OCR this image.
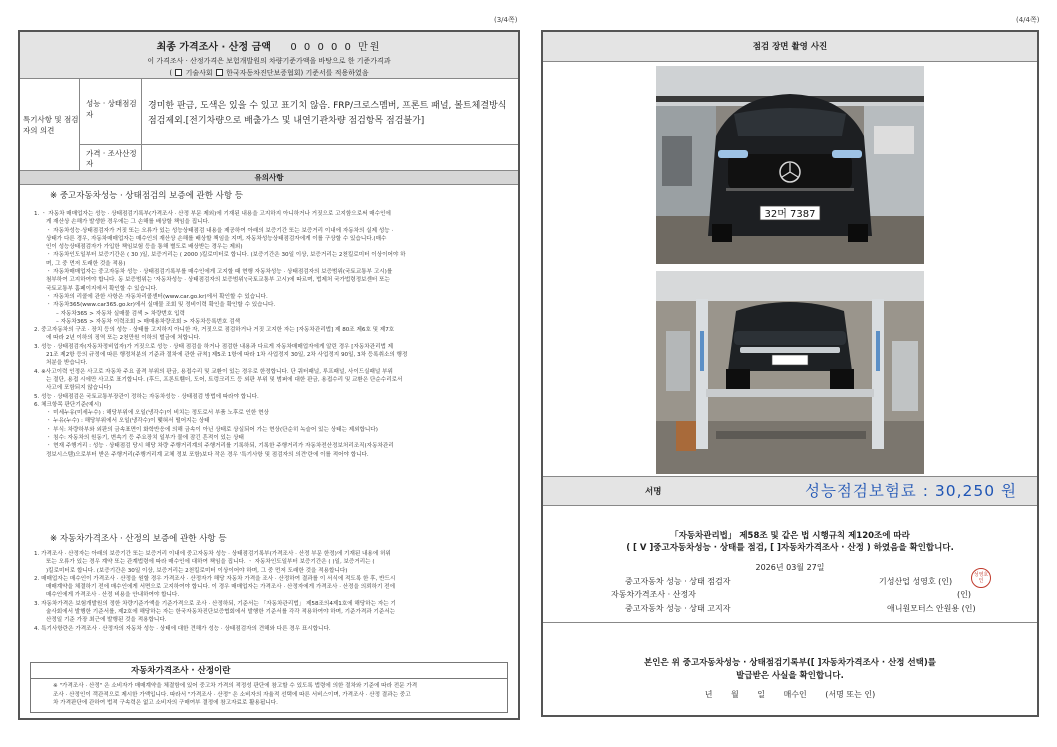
(3/4쪽)	(4/4쪽)
최종 가격조사 · 산정 금액 0 0 0 0 0 만원
이 가격조사 · 산정가격은 보험개발원의 차량기준가액을 바탕으로 한 기준가격과
( 기술사회 한국자동차진단보증협회) 기준서를 적용하였음
특기사항 및 점검자의 의견
성능 · 상태점검자
경미한 판금, 도색은 있을 수 있고 표기치 않음. FRP/크로스멤버, 프론트 패널, 볼트체결방식 점검제외.[전기차량으로 배출가스 및 내연기관차량 점검항목 점검불가]
가격 · 조사산정자
유의사항
※ 중고자동차성능 · 상태점검의 보증에 관한 사항 등

1. ㆍ 자동차 매매업자는 성능 · 상태점검기록부(가격조사 · 산정 부문 제외)에 기재된 내용을 고지하지 아니하거나 거짓으로 고지함으로써 매수인에

게 재산상 손해가 발생한 경우에는 그 손해를 배상할 책임을 집니다.

ㆍ 자동차성능·상태점검자가 거짓 또는 오류가 있는 성능상태점검 내용을 제공하여 아래의 보증기간 또는 보증거리 이내에 자동차의 실제 성능 ·

상태가 다른 경우, 자동차매매업자는 매수인의 재산상 손해를 배상할 책임을 지며, 자동차성능상태점검자에게 이를 구상할 수 있습니다.(매수

인이 성능상태점검자가 가입한 책임보험 등을 통해 별도로 배상받는 경우는 제외)

ㆍ 자동차인도일부터 보증기간은 ( 30 )일, 보증거리는 ( 2000 )킬로미터로 합니다. (보증기간은 30일 이상, 보증거리는 2천킬로미터 이상이어야 하

며, 그 중 먼저 도래한 것을 적용)

ㆍ 자동차매매업자는 중고자동차 성능 · 상태점검기록부를 매수인에게 고지할 때 현행 자동차성능 · 상태점검자의 보증범위(국토교통부 고시)를

첨부하여 고지하여야 합니다. 동 보증범위는 '자동차성능 · 상태점검자의 보증범위'(국토교통부 고시)에 따르며, 법제처 국가법령정보센터 또는

국토교통부 홈페이지에서 확인할 수 있습니다.

ㆍ 자동차의 리콜에 관한 사항은 자동차리콜센터(www.car.go.kr)에서 확인할 수 있습니다.

ㆍ 자동차365(www.car365.go.kr)에서 실매물 조회 및 정비이력 확인을 확인할 수 있습니다.

– 자동차365 > 자동차 실매물 검색 > 차량번호 입력

– 자동차365 > 자동차 이력조회 > 매매용차량조회 > 자동차등록번호 검색

2. 중고자동차의 구조 · 장치 등의 성능 · 상태를 고지하지 아니한 자, 거짓으로 점검하거나 거짓 고지한 자는 [자동차관리법] 제 80조 제6호 및 제7호

에 따라 2년 이하의 징역 또는 2천만원 이하의 벌금에 처합니다.

3. 성능 · 상태점검자(자동차정비업자)가 거짓으로 성능 · 상태 점검을 하거나 점검한 내용과 다르게 자동차매매업자에게 알린 경우 [자동차관리법 제

21조 제2항 등의 규정에 따른 행정처분의 기준과 절차에 관한 규칙] 제5조 1항에 따라 1차 사업정지 30일, 2차 사업정지 90일, 3차 등록취소의 행정

처분을 받습니다.

4. ※사고이력 인정은 사고로 자동차 주요 골격 부위의 판금, 용접수리 및 교환이 있는 경우로 한정합니다. 단 쿼터패널, 루프패널, 사이드실패널 부위

는 절단, 용접 시에만 사고로 표기합니다. (후드, 프론트휀더, 도어, 트렁크리드 등 외판 부위 및 범퍼에 대한 판금, 용접수리 및 교환은 단순수리로서

사고에 포함되지 않습니다)

5. 성능 · 상태점검은 국토교통부장관이 정하는 자동차성능 · 상태점검 방법에 따라야 합니다.

6. 체크항목 판단기준(예시)

ㆍ 미세누유(미세누수) : 해당부위에 오일(냉각수)이 비치는 정도로서 부품 노후로 인한 현상

ㆍ 누유(누수) : 해당부위에서 오일(냉각수)이 맺혀서 떨어지는 상태

ㆍ 부식: 차량하부와 외판의 금속표면이 화학반응에 의해 금속이 아닌 상태로 상실되어 가는 현상(단순히 녹슬어 있는 상태는 제외합니다)

ㆍ 침수: 자동차의 원동기, 변속기 등 주요장치 일부가 물에 잠긴 흔적이 있는 상태

ㆍ 현재 주행거리 : 성능 · 상태점검 당시 해당 차량 주행거리계의 주행거리를 기록하되, 기록한 주행거리가 자동차전산정보처리조직(자동차관리

정보시스템)으로부터 받은 주행거리(주행거리계 교체 정보 포함)보다 작은 경우 '특기사항 및 점검자의 의견'란에 이를 적어야 합니다.

※ 자동차가격조사 · 산정의 보증에 관한 사항 등

1. 가격조사 · 산정자는 아래의 보증기간 또는 보증거리 이내에 중고자동차 성능 · 상태점검기록부(가격조사 · 산정 부문 한정)에 기재된 내용에 허위

또는 오류가 있는 경우 계약 또는 관계법령에 따라 매수인에 대하여 책임을 집니다. ㆍ 자동차인도일부터 보증기간은 ( )일, 보증거리는 (

)킬로미터로 합니다. (보증기간은 30일 이상, 보증거리는 2천킬로미터 이상이어야 하며, 그 중 먼저 도래한 것을 적용합니다)

2. 매매업자는 매수인이 가격조사 · 산정을 원할 경우 가격조사 · 산정자가 해당 자동차 가격을 조사 · 산정하여 결과를 이 서식에 적도록 한 후, 반드시

매매계약을 체결하기 전에 매수인에게 서면으로 고지하여야 합니다. 이 경우 매매업자는 가격조사 · 산정자에게 가격조사 · 산정을 의뢰하기 전에

매수인에게 가격조사 · 산정 비용을 안내하여야 합니다.

3. 자동차가격은 보험개발원의 정한 차량기준가액을 기준가격으로 조사 · 산정하되, 기준서는 「자동차관리법」 제58조의4제1호에 해당하는 자는 기

술사회에서 발행한 기준서를, 제2호에 해당하는 자는 한국자동차진단보증협회에서 발행한 기준서를 각각 적용하여야 하며, 기준가격과 기준서는

산정일 기준 가장 최근에 발행된 것을 적용합니다.

4. 특기사항란은 가격조사 · 산정자의 자동차 성능 · 상태에 대한 견해가 성능 · 상태점검자의 견해와 다른 경우 표시합니다.

자동차가격조사 · 산정이란

※ "가격조사 · 산정" 은 소비자가 매매계약을 체결함에 있어 중고차 가격의 적정성 판단에 참고할 수 있도록 법령에 의한 절차와 기준에 따라 전문 가격

조사 · 산정인이 객관적으로 제시한 가액입니다. 따라서 "가격조사 · 산정" 은 소비자의 자율적 선택에 따른 서비스이며, 가격조사 · 산정 결과는 중고

차 가격판단에 관하여 법적 구속력은 없고 소비자의 구매여부 결정에 참고자료로 활용됩니다.

점검 장면 촬영 사진
32머 7387
서명	성능점검보험료 : 30,250 원
「자동차관리법」 제58조 및 같은 법 시행규칙 제120조에 따라
( [ V ]중고자동차성능 · 상태를 점검, [ ]자동차가격조사 · 산정 ) 하였음을 확인합니다.
2026년 03월 27일
중고자동차 성능 · 상태 점검자
자동차가격조사 · 산정자
중고자동차 성능 · 상태 고지자
기성산업 성영호 (인)
(인)
애니원모터스 안원용 (인)
성영호인
본인은 위 중고자동차성능 · 상태점검기록부([ ]자동차가격조사 · 산정 선택)를
발급받은 사실을 확인합니다.
년 월 일 매수인 (서명 또는 인)
